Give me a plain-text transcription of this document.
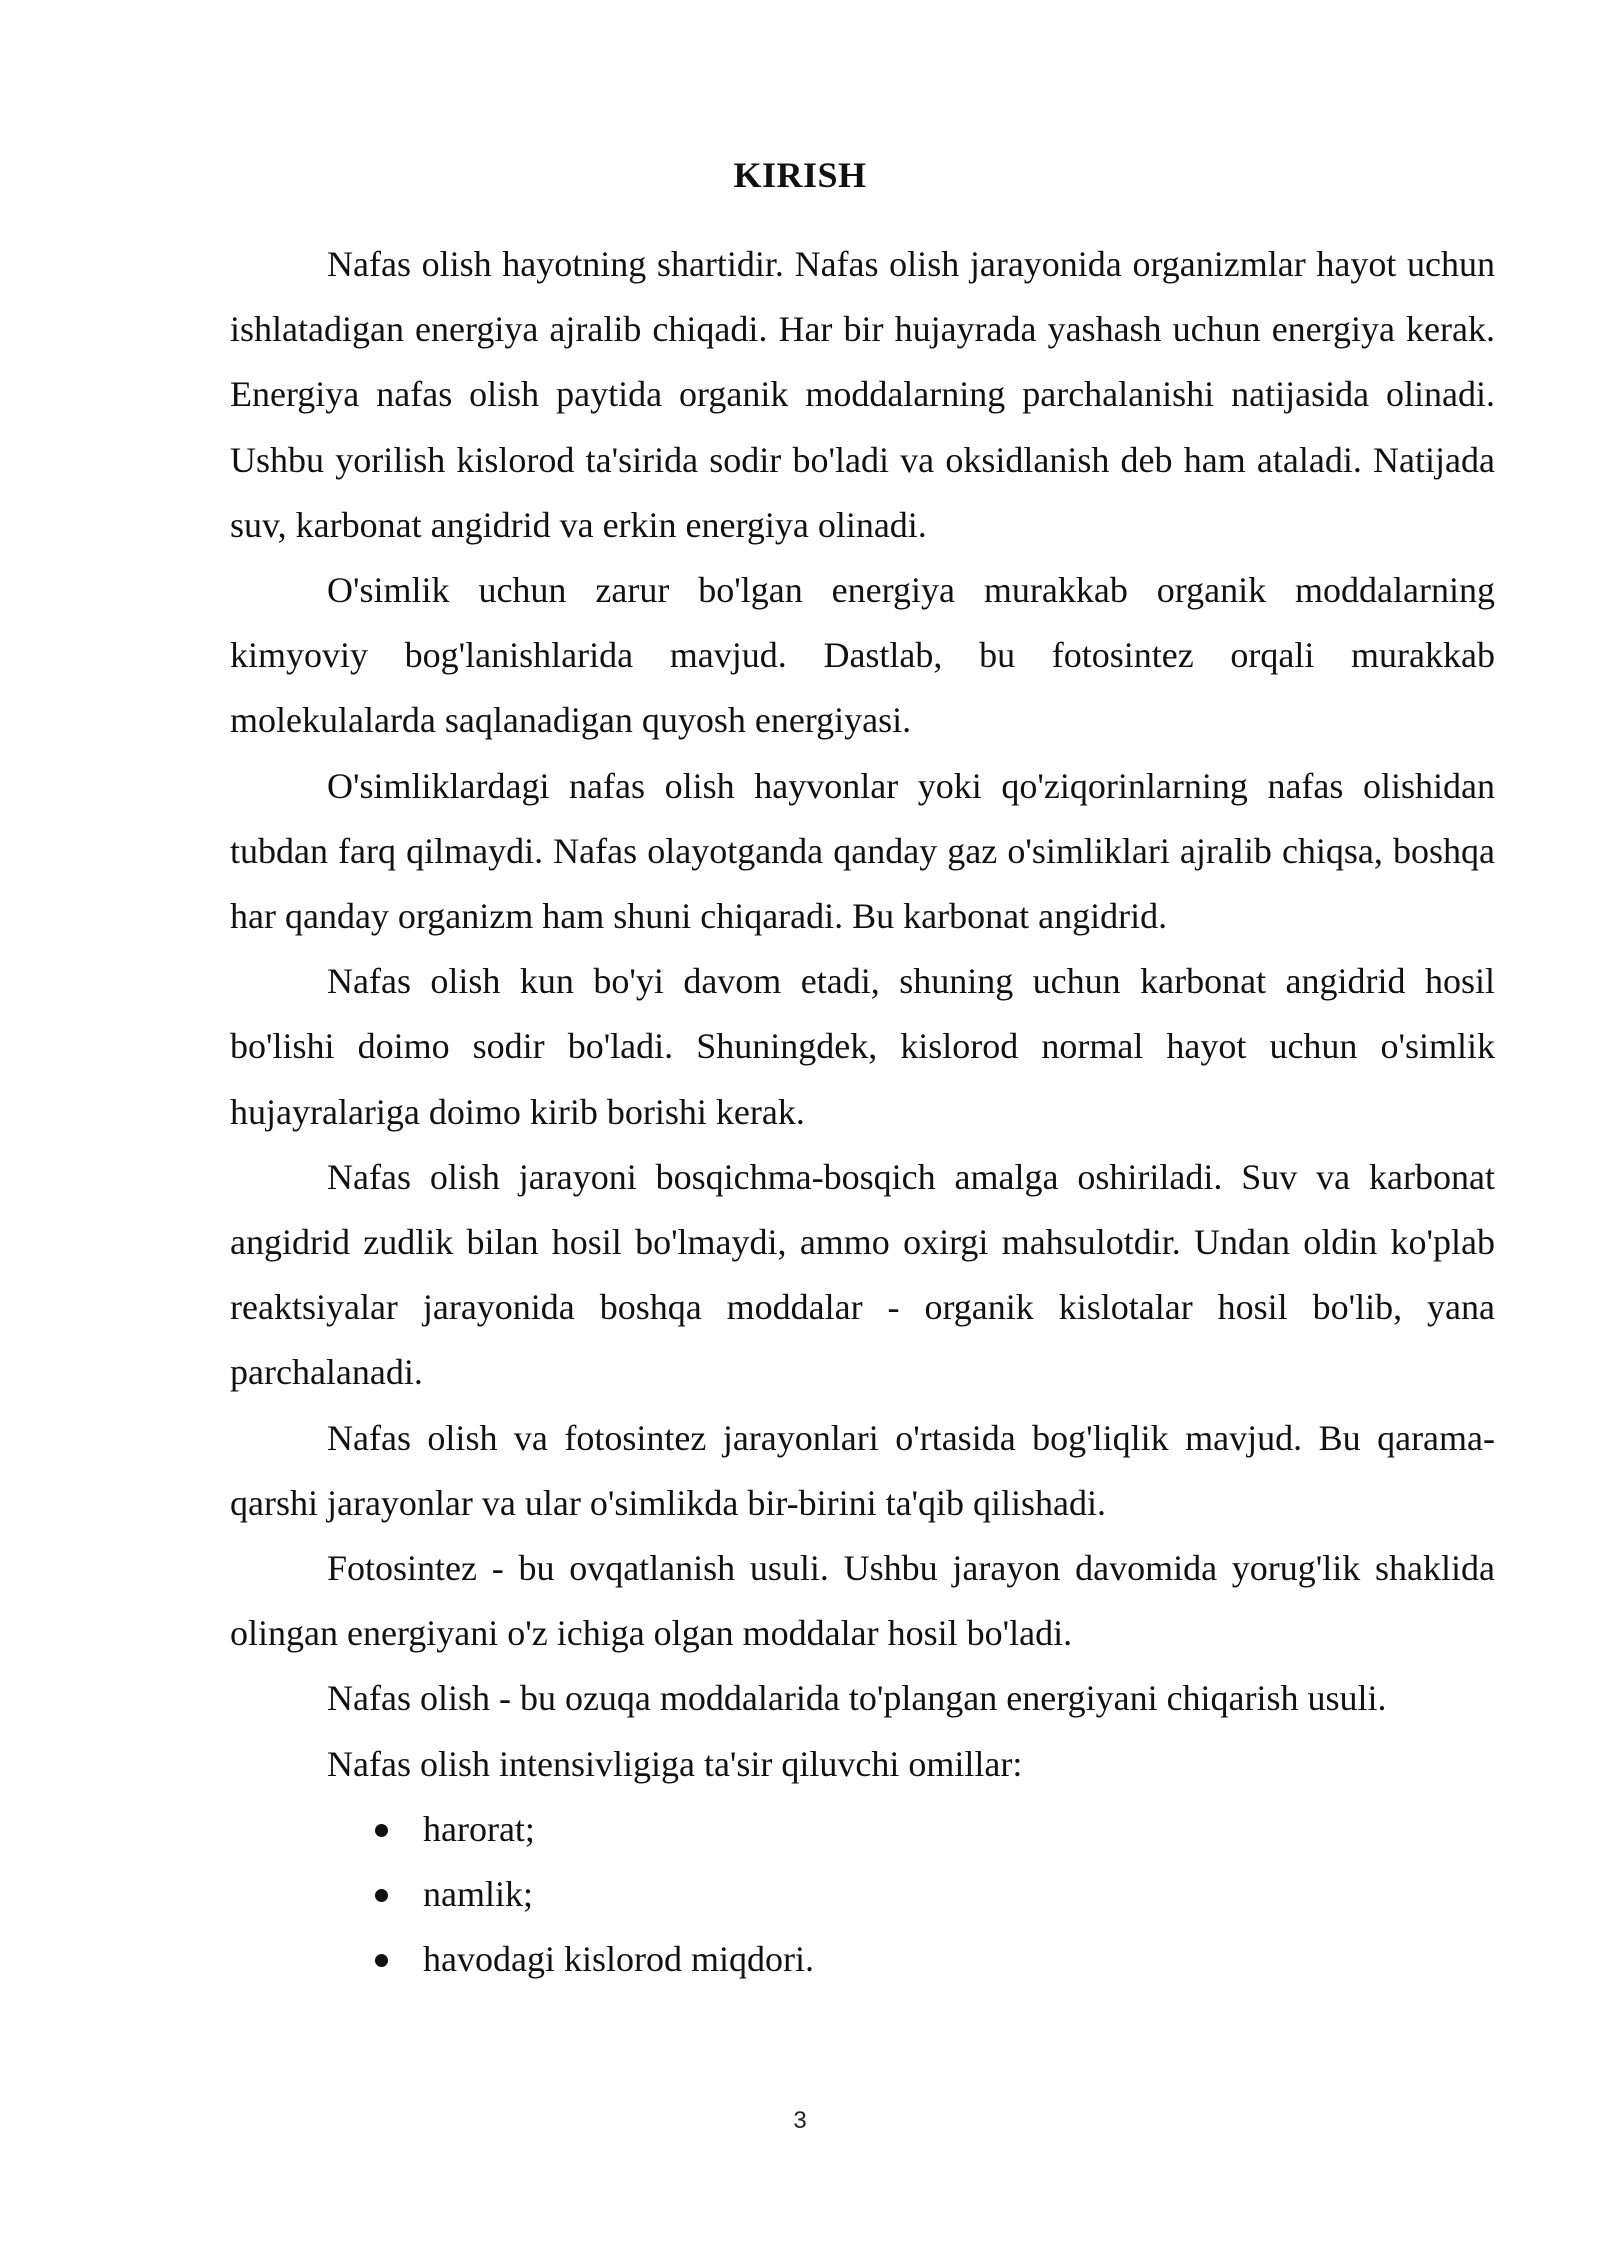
KIRISH

Nafas olish hayotning shartidir. Nafas olish jarayonida organizmlar hayot uchun ishlatadigan energiya ajralib chiqadi. Har bir hujayrada yashash uchun energiya kerak. Energiya nafas olish paytida organik moddalarning parchalanishi natijasida olinadi. Ushbu yorilish kislorod ta'sirida sodir bo'ladi va oksidlanish deb ham ataladi. Natijada suv, karbonat angidrid va erkin energiya olinadi.

O'simlik uchun zarur bo'lgan energiya murakkab organik moddalarning kimyoviy bog'lanishlarida mavjud. Dastlab, bu fotosintez orqali murakkab molekulalarda saqlanadigan quyosh energiyasi.

O'simliklardagi nafas olish hayvonlar yoki qo'ziqorinlarning nafas olishidan tubdan farq qilmaydi. Nafas olayotganda qanday gaz o'simliklari ajralib chiqsa, boshqa har qanday organizm ham shuni chiqaradi. Bu karbonat angidrid.

Nafas olish kun bo'yi davom etadi, shuning uchun karbonat angidrid hosil bo'lishi doimo sodir bo'ladi. Shuningdek, kislorod normal hayot uchun o'simlik hujayralariga doimo kirib borishi kerak.

Nafas olish jarayoni bosqichma-bosqich amalga oshiriladi. Suv va karbonat angidrid zudlik bilan hosil bo'lmaydi, ammo oxirgi mahsulotdir. Undan oldin ko'plab reaktsiyalar jarayonida boshqa moddalar - organik kislotalar hosil bo'lib, yana parchalanadi.

Nafas olish va fotosintez jarayonlari o'rtasida bog'liqlik mavjud. Bu qarama-qarshi jarayonlar va ular o'simlikda bir-birini ta'qib qilishadi.

Fotosintez - bu ovqatlanish usuli. Ushbu jarayon davomida yorug'lik shaklida olingan energiyani o'z ichiga olgan moddalar hosil bo'ladi.

Nafas olish - bu ozuqa moddalarida to'plangan energiyani chiqarish usuli.

Nafas olish intensivligiga ta'sir qiluvchi omillar:

harorat;
namlik;
havodagi kislorod miqdori.
3
